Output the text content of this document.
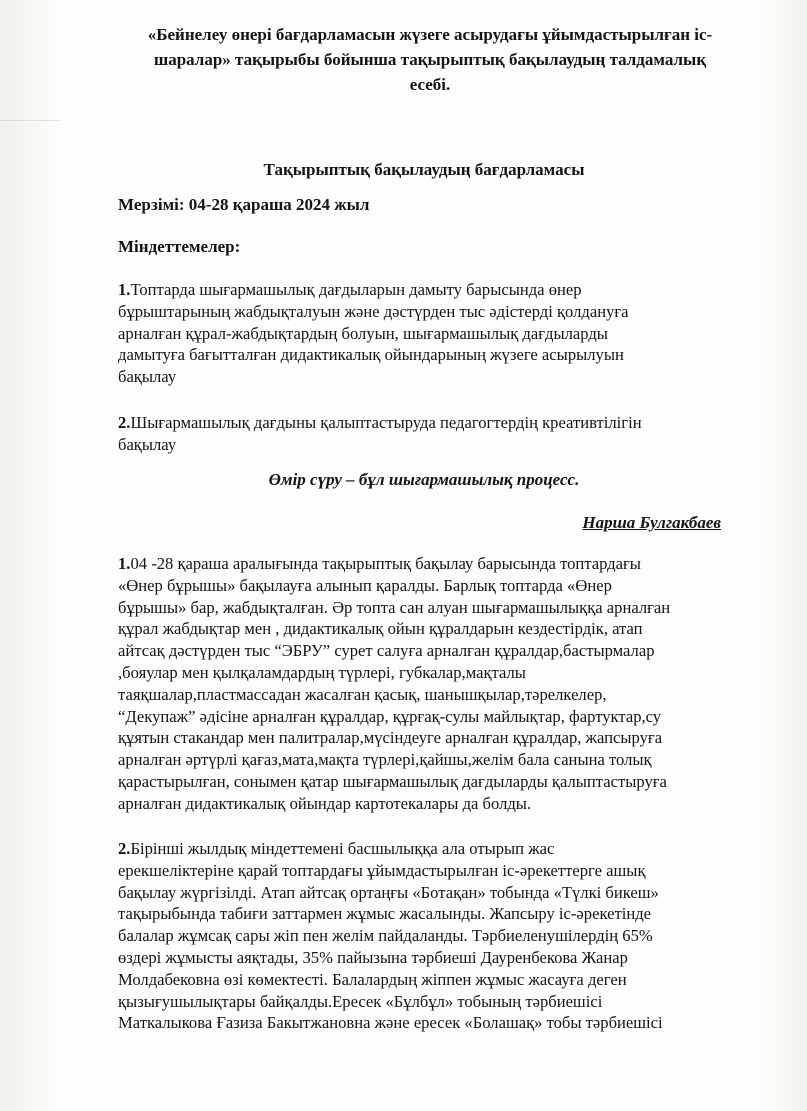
«Бейнелеу өнері бағдарламасын жүзеге асырудағы ұйымдастырылған іс-
шаралар» тақырыбы бойынша тақырыптық бақылаудың талдамалық
есебі.
Тақырыптық бақылаудың бағдарламасы
Мерзімі: 04-28 қараша 2024 жыл
Міндеттемелер:
1.Топтарда шығармашылық дағдыларын дамыту барысында өнер
бұрыштарының жабдықталуын және дәстүрден тыс әдістерді қолдануға
арналған құрал-жабдықтардың болуын, шығармашылық дағдыларды
дамытуға бағытталған дидактикалық ойындарының жүзеге асырылуын
бақылау
2.Шығармашылық дағдыны қалыптастыруда педагогтердің креативтілігін
бақылау
Өмір сүру – бұл шығармашылық процесс.
Нарша Булгакбаев
1.04 -28 қараша аралығында тақырыптық бақылау барысында топтардағы
«Өнер бұрышы» бақылауға алынып қаралды. Барлық топтарда «Өнер
бұрышы» бар, жабдықталған. Әр топта сан алуан шығармашылыққа арналған
құрал жабдықтар мен , дидактикалық ойын құралдарын кездестірдік, атап
айтсақ дәстүрден тыс “ЭБРУ” сурет салуға арналған құралдар,бастырмалар
,бояулар мен қылқаламдардың түрлері, губкалар,мақталы
таяқшалар,пластмассадан жасалған қасық, шанышқылар,тәрелкелер,
“Декупаж” әдісіне арналған құралдар, құрғақ-сулы майлықтар, фартуктар,су
құятын стакандар мен палитралар,мүсіндеуге арналған құралдар, жапсыруға
арналған әртүрлі қағаз,мата,мақта түрлері,қайшы,желім бала санына толық
қарастырылған, сонымен қатар шығармашылық дағдыларды қалыптастыруға
арналған дидактикалық ойындар картотекалары да болды.
2.Бірінші жылдық міндеттемені басшылыққа ала отырып жас
ерекшеліктеріне қарай топтардағы ұйымдастырылған іс-әрекеттерге ашық
бақылау жүргізілді. Атап айтсақ ортаңғы «Ботақан» тобында «Түлкі бикеш»
тақырыбында табиғи заттармен жұмыс жасалынды. Жапсыру іс-әрекетінде
балалар жұмсақ сары жіп пен желім пайдаланды. Тәрбиеленушілердің 65%
өздері жұмысты аяқтады, 35% пайызына тәрбиеші Дауренбекова Жанар
Молдабековна өзі көмектесті. Балалардың жіппен жұмыс жасауға деген
қызығушылықтары байқалды.Ересек «Бұлбұл» тобының тәрбиешісі
Маткалыкова Ғазиза Бакытжановна және ересек «Болашақ» тобы тәрбиешісі
